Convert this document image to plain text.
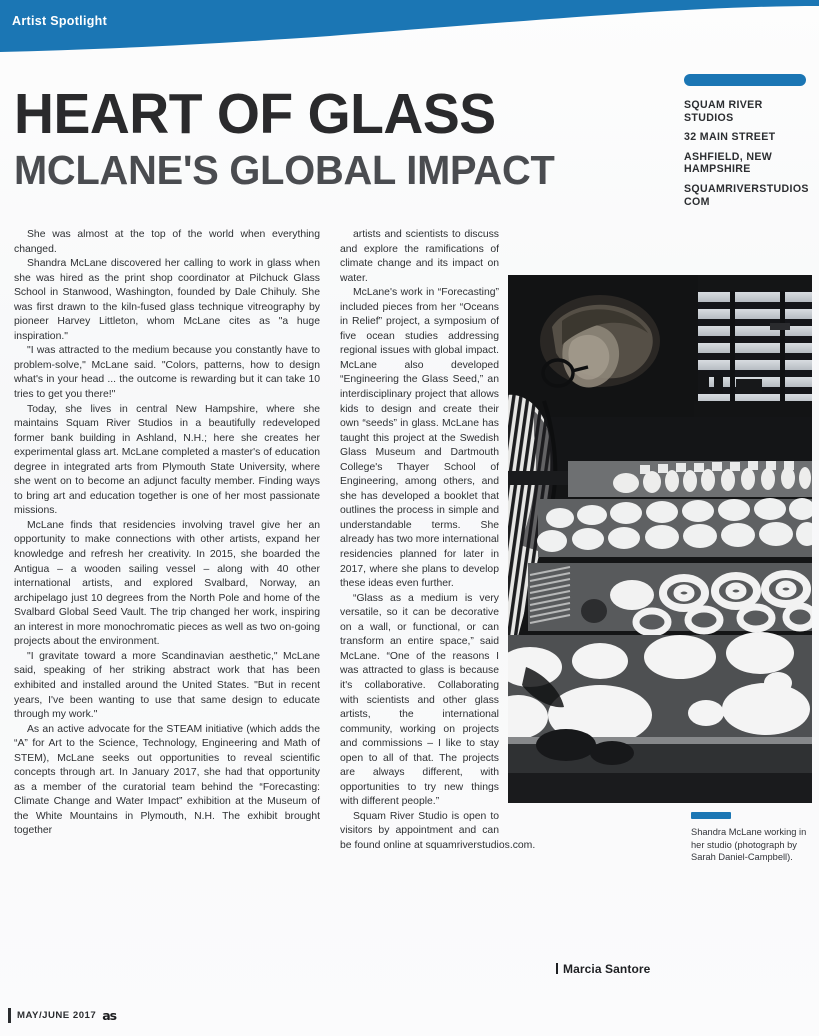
Artist Spotlight
HEART OF GLASS
MCLANE'S GLOBAL IMPACT
SQUAM RIVER STUDIOS
32 MAIN STREET
ASHFIELD, NEW HAMPSHIRE
SQUAMRIVERSTUDIOS COM

She was almost at the top of the world when everything changed.

Shandra McLane discovered her calling to work in glass when she was hired as the print shop coordinator at Pilchuck Glass School in Stanwood, Washington, founded by Dale Chihuly. She was first drawn to the kiln-fused glass technique vitreography by pioneer Harvey Littleton, whom McLane cites as "a huge inspiration."

"I was attracted to the medium because you constantly have to problem-solve," McLane said. "Colors, patterns, how to design what's in your head ... the outcome is rewarding but it can take 10 tries to get you there!"

Today, she lives in central New Hampshire, where she maintains Squam River Studios in a beautifully redeveloped former bank building in Ashland, N.H.; here she creates her experimental glass art. McLane completed a master's of education degree in integrated arts from Plymouth State University, where she went on to become an adjunct faculty member. Finding ways to bring art and education together is one of her most passionate missions.

McLane finds that residencies involving travel give her an opportunity to make connections with other artists, expand her knowledge and refresh her creativity. In 2015, she boarded the Antigua – a wooden sailing vessel – along with 40 other international artists, and explored Svalbard, Norway, an archipelago just 10 degrees from the North Pole and home of the Svalbard Global Seed Vault. The trip changed her work, inspiring an interest in more monochromatic pieces as well as two on-going projects about the environment.

"I gravitate toward a more Scandinavian aesthetic," McLane said, speaking of her striking abstract work that has been exhibited and installed around the United States. "But in recent years, I've been wanting to use that same design to educate through my work."

As an active advocate for the STEAM initiative (which adds the “A” for Art to the Science, Technology, Engineering and Math of STEM), McLane seeks out opportunities to reveal scientific concepts through art. In January 2017, she had that opportunity as a member of the curatorial team behind the “Forecasting: Climate Change and Water Impact” exhibition at the Museum of the White Mountains in Plymouth, N.H. The exhibit brought together

artists and scientists to discuss and explore the ramifications of climate change and its impact on water.

McLane's work in “Forecasting” included pieces from her “Oceans in Relief” project, a symposium of five ocean studies addressing regional issues with global impact. McLane also developed “Engineering the Glass Seed,” an interdisciplinary project that allows kids to design and create their own “seeds” in glass. McLane has taught this project at the Swedish Glass Museum and Dartmouth College's Thayer School of Engineering, among others, and she has developed a booklet that outlines the process in simple and understandable terms. She already has two more international residencies planned for later in 2017, where she plans to develop these ideas even further.

“Glass as a medium is very versatile, so it can be decorative on a wall, or functional, or can transform an entire space,” said McLane. “One of the reasons I was attracted to glass is because it's collaborative. Collaborating with scientists and other glass artists, the international community, working on projects and commissions – I like to stay open to all of that. The projects are always different, with opportunities to try new things with different people.”

Squam River Studio is open to visitors by appointment and can be found online at squamriverstudios.com.

Shandra McLane working in her studio (photograph by Sarah Daniel-Campbell).
Marcia Santore
MAY/JUNE 2017 as
